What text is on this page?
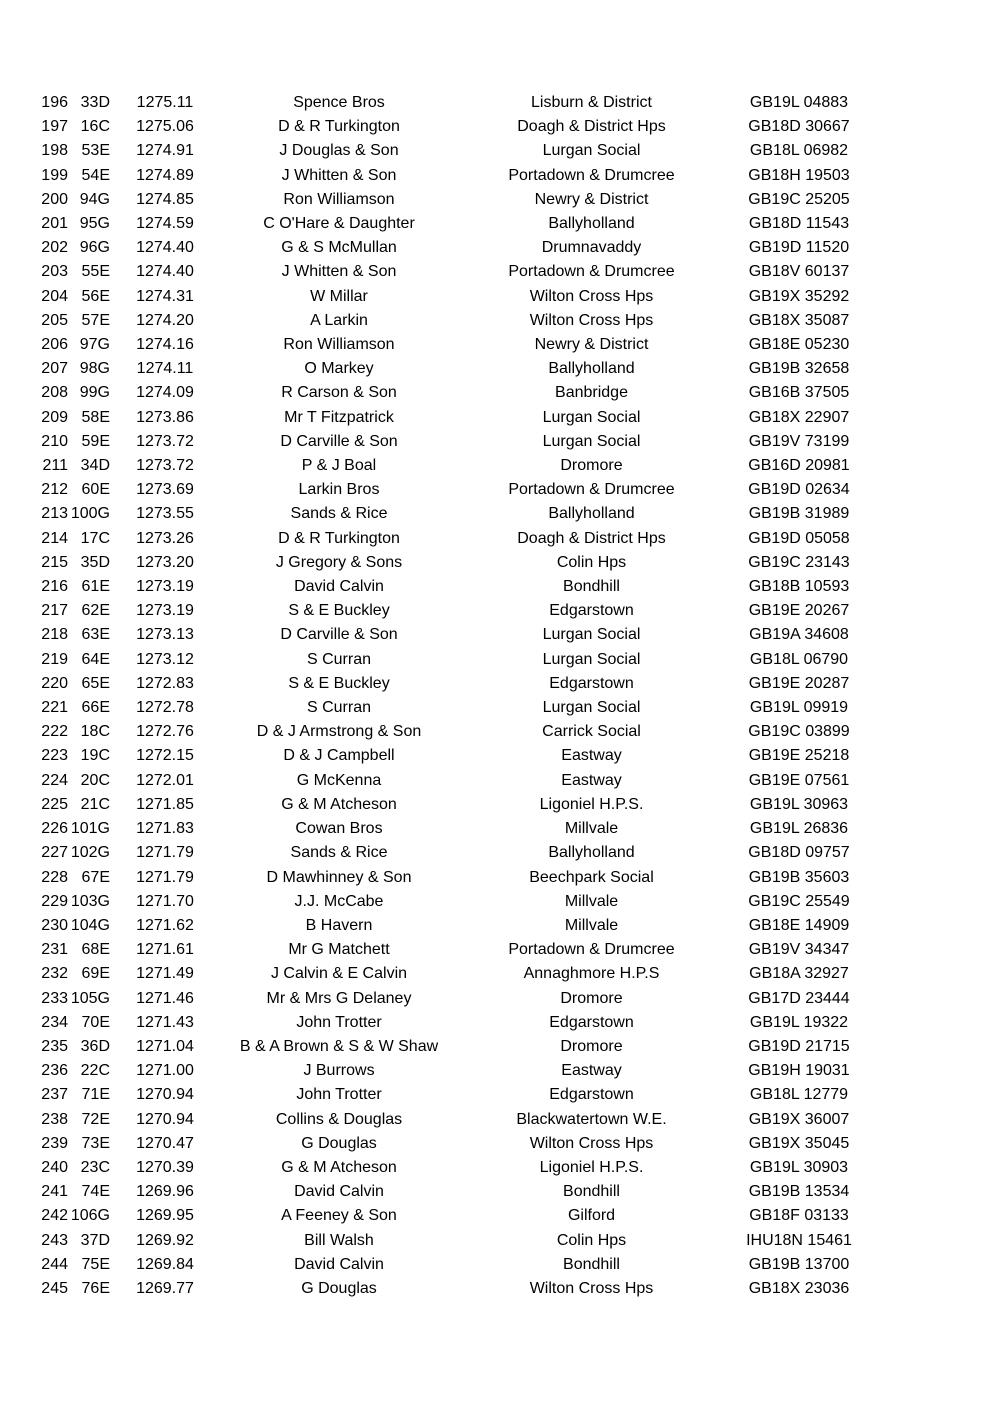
196	33D	1275.11	Spence Bros	Lisburn & District	GB19L 04883	
197	16C	1275.06	D & R Turkington	Doagh & District Hps	GB18D 30667	
198	53E	1274.91	J Douglas & Son	Lurgan Social	GB18L 06982	
199	54E	1274.89	J Whitten & Son	Portadown & Drumcree	GB18H 19503	
200	94G	1274.85	Ron Williamson	Newry & District	GB19C 25205	
201	95G	1274.59	C O'Hare & Daughter	Ballyholland	GB18D 11543	
202	96G	1274.40	G & S McMullan	Drumnavaddy	GB19D 11520	
203	55E	1274.40	J Whitten & Son	Portadown & Drumcree	GB18V 60137	
204	56E	1274.31	W Millar	Wilton Cross Hps	GB19X 35292	
205	57E	1274.20	A Larkin	Wilton Cross Hps	GB18X 35087	
206	97G	1274.16	Ron Williamson	Newry & District	GB18E 05230	
207	98G	1274.11	O Markey	Ballyholland	GB19B 32658	
208	99G	1274.09	R Carson & Son	Banbridge	GB16B 37505	
209	58E	1273.86	Mr T Fitzpatrick	Lurgan Social	GB18X 22907	
210	59E	1273.72	D Carville & Son	Lurgan Social	GB19V 73199	
211	34D	1273.72	P & J Boal	Dromore	GB16D 20981	
212	60E	1273.69	Larkin Bros	Portadown & Drumcree	GB19D 02634	
213	100G	1273.55	Sands & Rice	Ballyholland	GB19B 31989	
214	17C	1273.26	D & R Turkington	Doagh & District Hps	GB19D 05058	
215	35D	1273.20	J Gregory & Sons	Colin Hps	GB19C 23143	
216	61E	1273.19	David Calvin	Bondhill	GB18B 10593	
217	62E	1273.19	S & E Buckley	Edgarstown	GB19E 20267	
218	63E	1273.13	D Carville & Son	Lurgan Social	GB19A 34608	
219	64E	1273.12	S Curran	Lurgan Social	GB18L 06790	
220	65E	1272.83	S & E Buckley	Edgarstown	GB19E 20287	
221	66E	1272.78	S Curran	Lurgan Social	GB19L 09919	
222	18C	1272.76	D & J Armstrong & Son	Carrick Social	GB19C 03899	
223	19C	1272.15	D & J Campbell	Eastway	GB19E 25218	
224	20C	1272.01	G McKenna	Eastway	GB19E 07561	
225	21C	1271.85	G & M Atcheson	Ligoniel H.P.S.	GB19L 30963	
226	101G	1271.83	Cowan Bros	Millvale	GB19L 26836	
227	102G	1271.79	Sands & Rice	Ballyholland	GB18D 09757	
228	67E	1271.79	D Mawhinney & Son	Beechpark Social	GB19B 35603	
229	103G	1271.70	J.J. McCabe	Millvale	GB19C 25549	
230	104G	1271.62	B Havern	Millvale	GB18E 14909	
231	68E	1271.61	Mr G Matchett	Portadown & Drumcree	GB19V 34347	
232	69E	1271.49	J Calvin & E Calvin	Annaghmore H.P.S	GB18A 32927	
233	105G	1271.46	Mr & Mrs G Delaney	Dromore	GB17D 23444	
234	70E	1271.43	John Trotter	Edgarstown	GB19L 19322	
235	36D	1271.04	B & A Brown & S & W Shaw	Dromore	GB19D 21715	
236	22C	1271.00	J Burrows	Eastway	GB19H 19031	
237	71E	1270.94	John Trotter	Edgarstown	GB18L 12779	
238	72E	1270.94	Collins & Douglas	Blackwatertown W.E.	GB19X 36007	
239	73E	1270.47	G Douglas	Wilton Cross Hps	GB19X 35045	
240	23C	1270.39	G & M Atcheson	Ligoniel H.P.S.	GB19L 30903	
241	74E	1269.96	David Calvin	Bondhill	GB19B 13534	
242	106G	1269.95	A Feeney & Son	Gilford	GB18F 03133	
243	37D	1269.92	Bill Walsh	Colin Hps	IHU18N 15461	
244	75E	1269.84	David Calvin	Bondhill	GB19B 13700	
245	76E	1269.77	G Douglas	Wilton Cross Hps	GB18X 23036	
